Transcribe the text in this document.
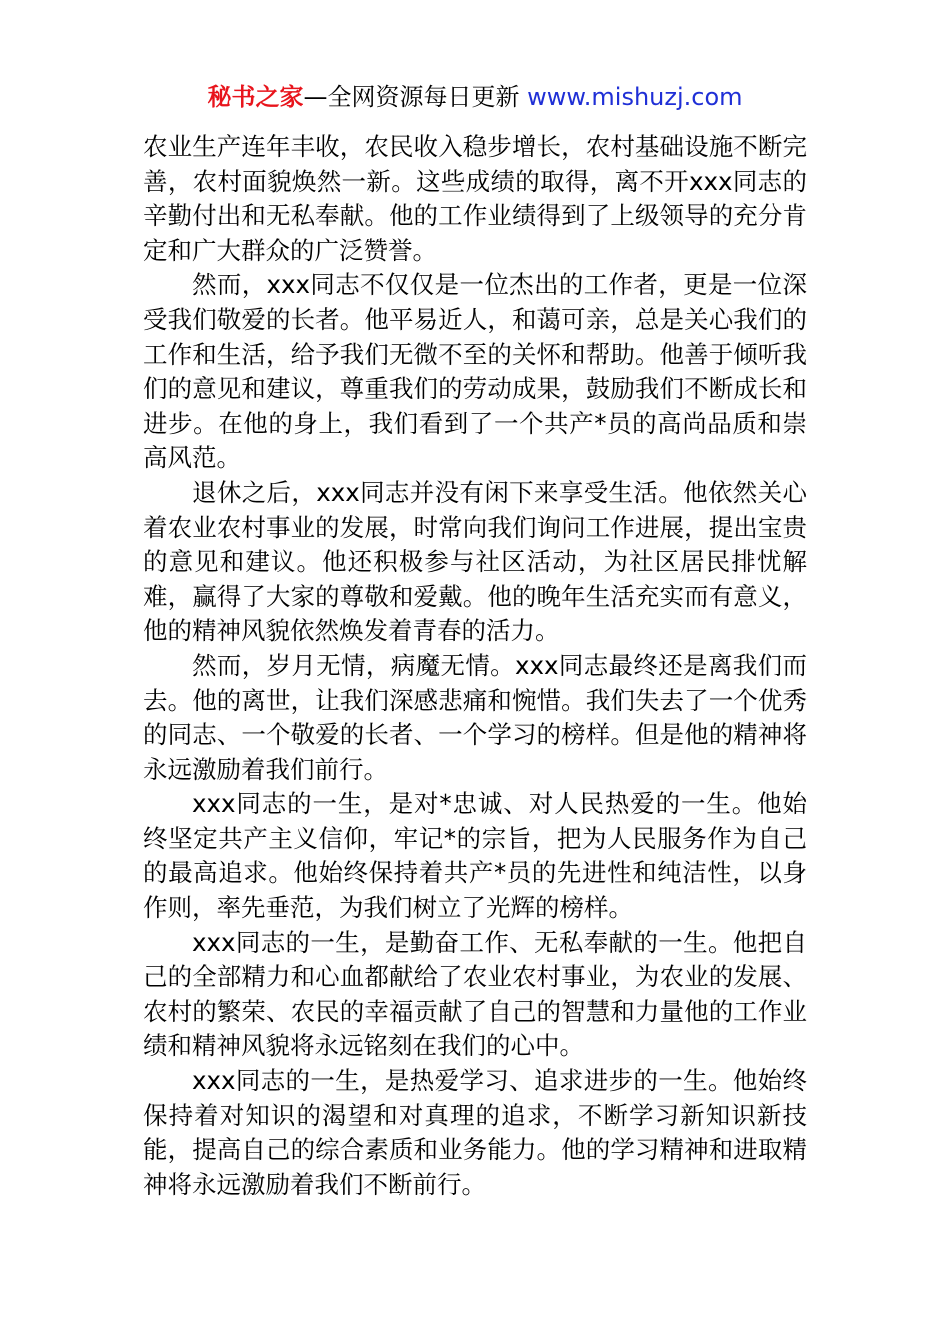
秘书之家—全网资源每日更新 www.mishuzj.com

农业生产连年丰收，农民收入稳步增长，农村基础设施不断完善，农村面貌焕然一新。这些成绩的取得，离不开xxx同志的辛勤付出和无私奉献。他的工作业绩得到了上级领导的充分肯定和广大群众的广泛赞誉。

然而，xxx同志不仅仅是一位杰出的工作者，更是一位深受我们敬爱的长者。他平易近人，和蔼可亲，总是关心我们的工作和生活，给予我们无微不至的关怀和帮助。他善于倾听我们的意见和建议，尊重我们的劳动成果，鼓励我们不断成长和进步。在他的身上，我们看到了一个共产*员的高尚品质和崇高风范。

退休之后，xxx同志并没有闲下来享受生活。他依然关心着农业农村事业的发展，时常向我们询问工作进展，提出宝贵的意见和建议。他还积极参与社区活动，为社区居民排忧解难，赢得了大家的尊敬和爱戴。他的晚年生活充实而有意义，他的精神风貌依然焕发着青春的活力。

然而，岁月无情，病魔无情。xxx同志最终还是离我们而去。他的离世，让我们深感悲痛和惋惜。我们失去了一个优秀的同志、一个敬爱的长者、一个学习的榜样。但是他的精神将永远激励着我们前行。

xxx同志的一生，是对*忠诚、对人民热爱的一生。他始终坚定共产主义信仰，牢记*的宗旨，把为人民服务作为自己的最高追求。他始终保持着共产*员的先进性和纯洁性，以身作则，率先垂范，为我们树立了光辉的榜样。

xxx同志的一生，是勤奋工作、无私奉献的一生。他把自己的全部精力和心血都献给了农业农村事业，为农业的发展、农村的繁荣、农民的幸福贡献了自己的智慧和力量他的工作业绩和精神风貌将永远铭刻在我们的心中。

xxx同志的一生，是热爱学习、追求进步的一生。他始终保持着对知识的渴望和对真理的追求，不断学习新知识新技能，提高自己的综合素质和业务能力。他的学习精神和进取精神将永远激励着我们不断前行。
